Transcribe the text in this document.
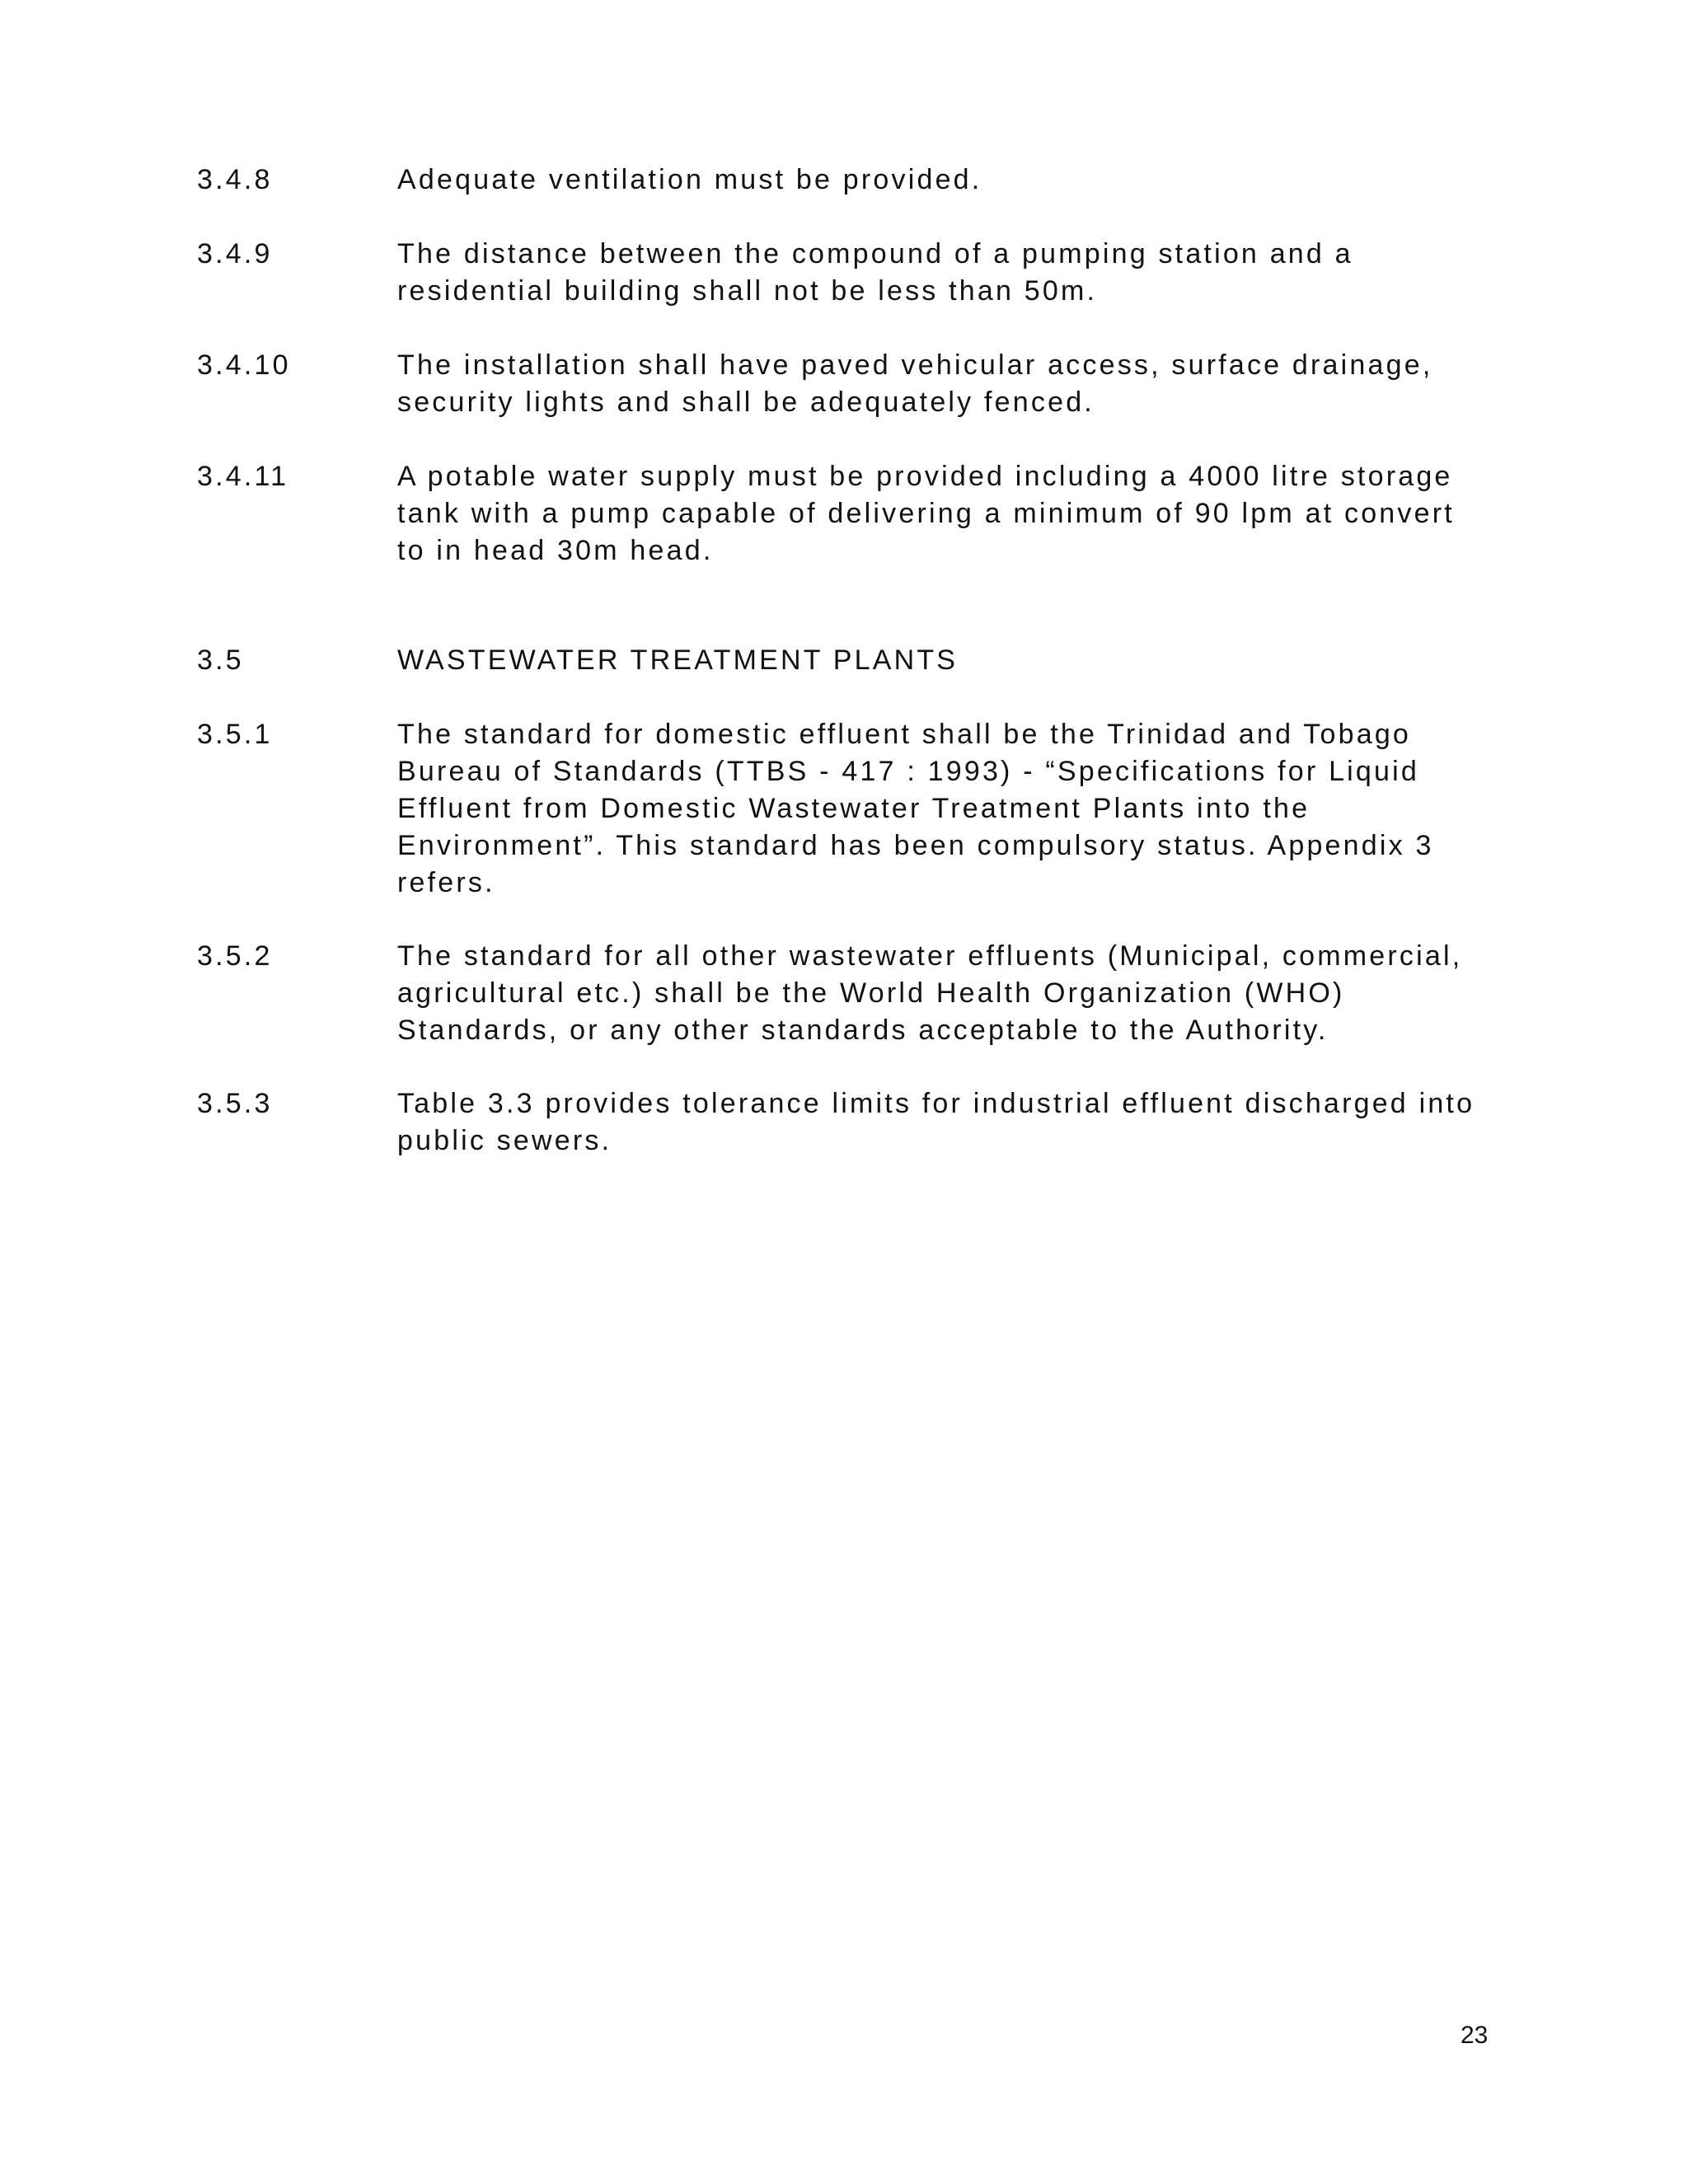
3.4.8	Adequate ventilation must be provided.
3.4.9	The distance between the compound of a pumping station and a
residential building shall not be less than 50m.
3.4.10	The installation shall have paved vehicular access, surface drainage,
security lights and shall be adequately fenced.
3.4.11	A potable water supply must be provided including a 4000 litre storage
tank with a pump capable of delivering a minimum of 90 lpm at convert
to in head 30m head.
3.5	WASTEWATER TREATMENT PLANTS
3.5.1	The standard for domestic effluent shall be the Trinidad and Tobago
Bureau of Standards (TTBS - 417 : 1993) - “Specifications for Liquid
Effluent from Domestic Wastewater Treatment Plants into the
Environment”. This standard has been compulsory status. Appendix 3
refers.
3.5.2	The standard for all other wastewater effluents (Municipal, commercial,
agricultural etc.) shall be the World Health Organization (WHO)
Standards, or any other standards acceptable to the Authority.
3.5.3	Table 3.3 provides tolerance limits for industrial effluent discharged into
public sewers.
23
